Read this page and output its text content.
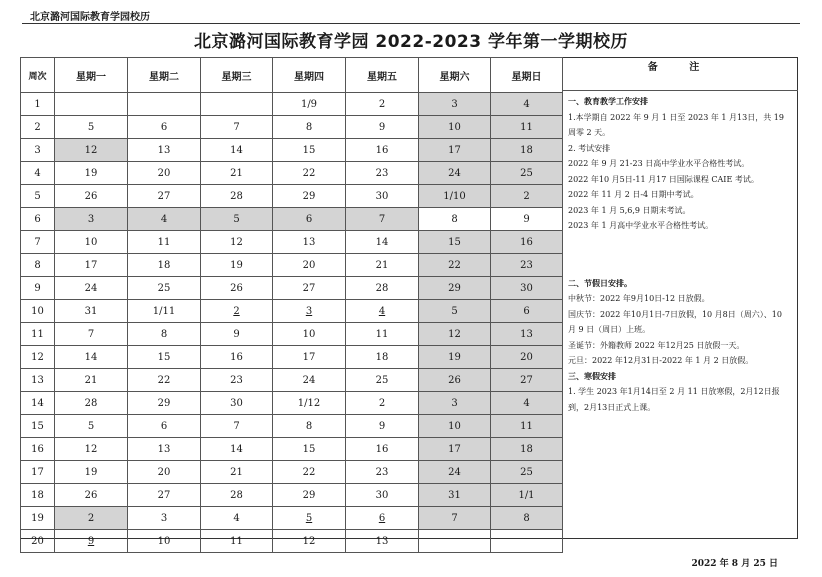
北京潞河国际教育学园校历
北京潞河国际教育学园 2022-2023 学年第一学期校历
周次	星期一	星期二	星期三	星期四	星期五	星期六	星期日
1				1/9	2	3	4
2	5	6	7	8	9	10	11
3	12	13	14	15	16	17	18
4	19	20	21	22	23	24	25
5	26	27	28	29	30	1/10	2
6	3	4	5	6	7	8	9
7	10	11	12	13	14	15	16
8	17	18	19	20	21	22	23
9	24	25	26	27	28	29	30
10	31	1/11	2	3	4	5	6
11	7	8	9	10	11	12	13
12	14	15	16	17	18	19	20
13	21	22	23	24	25	26	27
14	28	29	30	1/12	2	3	4
15	5	6	7	8	9	10	11
16	12	13	14	15	16	17	18
17	19	20	21	22	23	24	25
18	26	27	28	29	30	31	1/1
19	2	3	4	5	6	7	8
20	9	10	11	12	13		
备 注

一、教育教学工作安排

1.本学期自 2022 年 9 月 1 日至 2023 年 1 月13日，共 19 周零 2 天。

2. 考试安排

2022 年 9 月 21-23 日高中学业水平合格性考试。

2022 年10 月5日-11 月17 日国际课程 CAIE 考试。

2022 年 11 月 2 日-4 日期中考试。

2023 年 1 月 5,6,9 日期末考试。

2023 年 1 月高中学业水平合格性考试。

二、节假日安排。

中秋节：2022 年9月10日-12 日放假。

国庆节：2022 年10月1日-7日放假，10 月8日（周六）、10 月 9 日（周日）上班。

圣诞节：外籍教师 2022 年12月25 日放假一天。

元旦：2022 年12月31日-2022 年 1 月 2 日放假。

三、寒假安排

1. 学生 2023 年1月14日至 2 月 11 日放寒假，2月12日报到，2月13日正式上课。

2022 年 8 月 25 日
